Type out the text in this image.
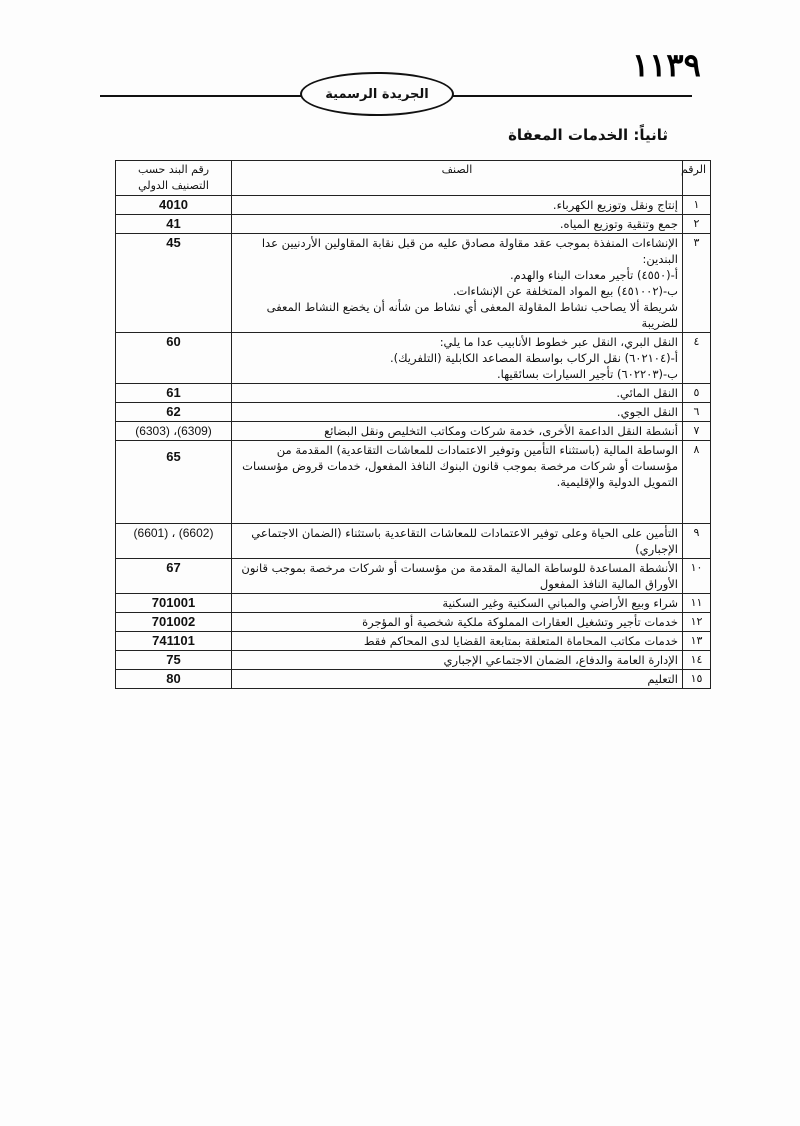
١١٣٩
الجريدة الرسمية
ثانياً: الخدمات المعفاة
الرقم	الصنف	رقم البند حسب التصنيف الدولي
١	إنتاج ونقل وتوزيع الكهرباء.	4010
٢	جمع وتنقية وتوزيع المياه.	41
٣	الإنشاءات المنفذة بموجب عقد مقاولة مصادق عليه من قبل نقابة المقاولين الأردنيين عدا البندين:
أ-(٤٥٥٠) تأجير معدات البناء والهدم.
ب-(٤٥١٠٠٢) بيع المواد المتخلفة عن الإنشاءات.
شريطة ألا يصاحب نشاط المقاولة المعفى أي نشاط من شأنه أن يخضع النشاط المعفى للضريبة	45
٤	النقل البري، النقل عبر خطوط الأنابيب عدا ما يلي:
أ-(٦٠٢١٠٤) نقل الركاب بواسطة المصاعد الكابلية (التلفريك).
ب-(٦٠٢٢٠٣) تأجير السيارات بسائقيها.	60
٥	النقل المائي.	61
٦	النقل الجوي.	62
٧	أنشطة النقل الداعمة الأخرى، خدمة شركات ومكاتب التخليص ونقل البضائع	(6303) ،(6309)
٨	الوساطة المالية (باستثناء التأمين وتوفير الاعتمادات للمعاشات التقاعدية) المقدمة من مؤسسات أو شركات مرخصة بموجب قانون البنوك النافذ المفعول، خدمات قروض مؤسسات التمويل الدولية والإقليمية.	65
٩	التأمين على الحياة وعلى توفير الاعتمادات للمعاشات التقاعدية باستثناء (الضمان الاجتماعي الإجباري)	(6601) ، (6602)
١٠	الأنشطة المساعدة للوساطة المالية المقدمة من مؤسسات أو شركات مرخصة بموجب قانون الأوراق المالية النافذ المفعول	67
١١	شراء وبيع الأراضي والمباني السكنية وغير السكنية	701001
١٢	خدمات تأجير وتشغيل العقارات المملوكة ملكية شخصية أو المؤجرة	701002
١٣	خدمات مكاتب المحاماة المتعلقة بمتابعة القضايا لدى المحاكم فقط	741101
١٤	الإدارة العامة والدفاع، الضمان الاجتماعي الإجباري	75
١٥	التعليم	80
